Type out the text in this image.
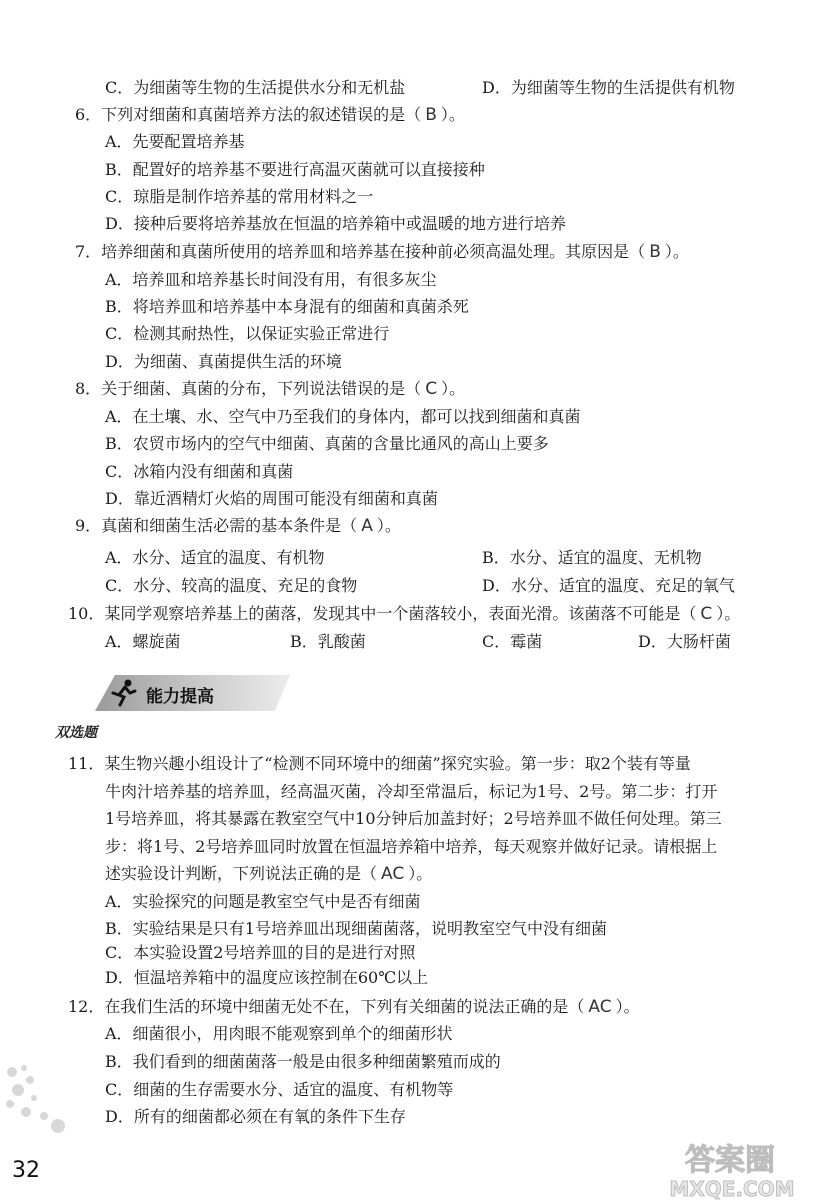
C．为细菌等生物的生活提供水分和无机盐	D．为细菌等生物的生活提供有机物
6．下列对细菌和真菌培养方法的叙述错误的是（ B ）。
A．先要配置培养基
B．配置好的培养基不要进行高温灭菌就可以直接接种
C．琼脂是制作培养基的常用材料之一
D．接种后要将培养基放在恒温的培养箱中或温暖的地方进行培养
7．培养细菌和真菌所使用的培养皿和培养基在接种前必须高温处理。其原因是（ B ）。
A．培养皿和培养基长时间没有用，有很多灰尘
B．将培养皿和培养基中本身混有的细菌和真菌杀死
C．检测其耐热性，以保证实验正常进行
D．为细菌、真菌提供生活的环境
8．关于细菌、真菌的分布，下列说法错误的是（ C ）。
A．在土壤、水、空气中乃至我们的身体内，都可以找到细菌和真菌
B．农贸市场内的空气中细菌、真菌的含量比通风的高山上要多
C．冰箱内没有细菌和真菌
D．靠近酒精灯火焰的周围可能没有细菌和真菌
9．真菌和细菌生活必需的基本条件是（ A ）。
A．水分、适宜的温度、有机物	B．水分、适宜的温度、无机物
C．水分、较高的温度、充足的食物	D．水分、适宜的温度、充足的氧气
10．某同学观察培养基上的菌落，发现其中一个菌落较小，表面光滑。该菌落不可能是（ C ）。
A．螺旋菌	B．乳酸菌	C．霉菌	D．大肠杆菌
能力提高
双选题
11．某生物兴趣小组设计了“检测不同环境中的细菌”探究实验。第一步：取2个装有等量
牛肉汁培养基的培养皿，经高温灭菌，冷却至常温后，标记为1号、2号。第二步：打开
1号培养皿，将其暴露在教室空气中10分钟后加盖封好；2号培养皿不做任何处理。第三
步：将1号、2号培养皿同时放置在恒温培养箱中培养，每天观察并做好记录。请根据上
述实验设计判断，下列说法正确的是（ AC ）。
A．实验探究的问题是教室空气中是否有细菌
B．实验结果是只有1号培养皿出现细菌菌落，说明教室空气中没有细菌
C．本实验设置2号培养皿的目的是进行对照
D．恒温培养箱中的温度应该控制在60℃以上
12．在我们生活的环境中细菌无处不在，下列有关细菌的说法正确的是（ AC ）。
A．细菌很小，用肉眼不能观察到单个的细菌形状
B．我们看到的细菌菌落一般是由很多种细菌繁殖而成的
C．细菌的生存需要水分、适宜的温度、有机物等
D．所有的细菌都必须在有氧的条件下生存
32	答案圈
MXQE.COM
